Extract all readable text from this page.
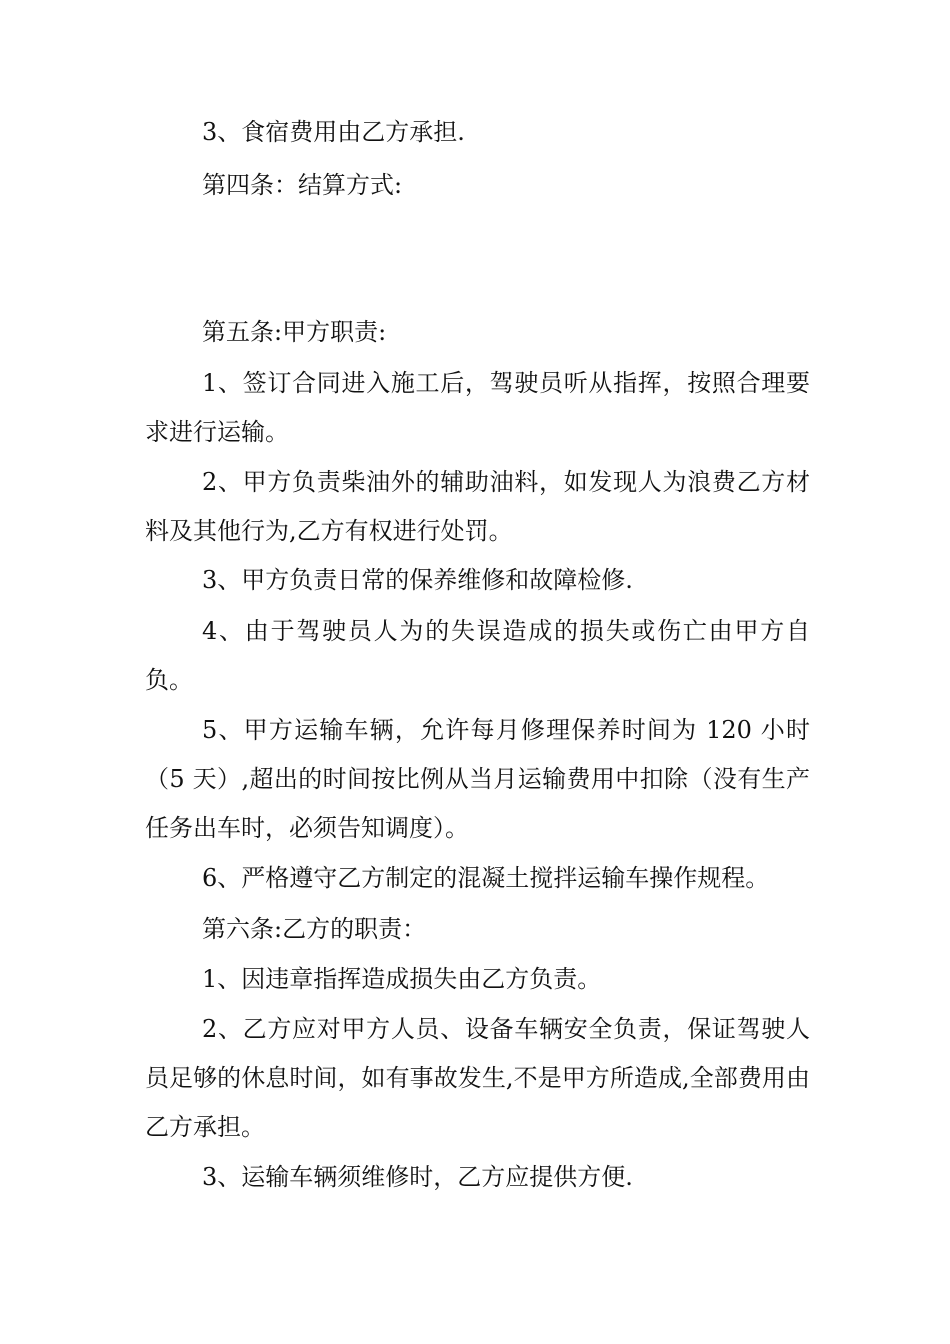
3、食宿费用由乙方承担.

第四条：结算方式:

第五条:甲方职责:

1、签订合同进入施工后，驾驶员听从指挥，按照合理要求进行运输。

2、甲方负责柴油外的辅助油料，如发现人为浪费乙方材料及其他行为,乙方有权进行处罚。

3、甲方负责日常的保养维修和故障检修.

4、由于驾驶员人为的失误造成的损失或伤亡由甲方自负。

5、甲方运输车辆，允许每月修理保养时间为 120 小时（5 天）,超出的时间按比例从当月运输费用中扣除（没有生产任务出车时，必须告知调度）。

6、严格遵守乙方制定的混凝土搅拌运输车操作规程。

第六条:乙方的职责：

1、因违章指挥造成损失由乙方负责。

2、乙方应对甲方人员、设备车辆安全负责，保证驾驶人员足够的休息时间，如有事故发生,不是甲方所造成,全部费用由乙方承担。

3、运输车辆须维修时，乙方应提供方便.
